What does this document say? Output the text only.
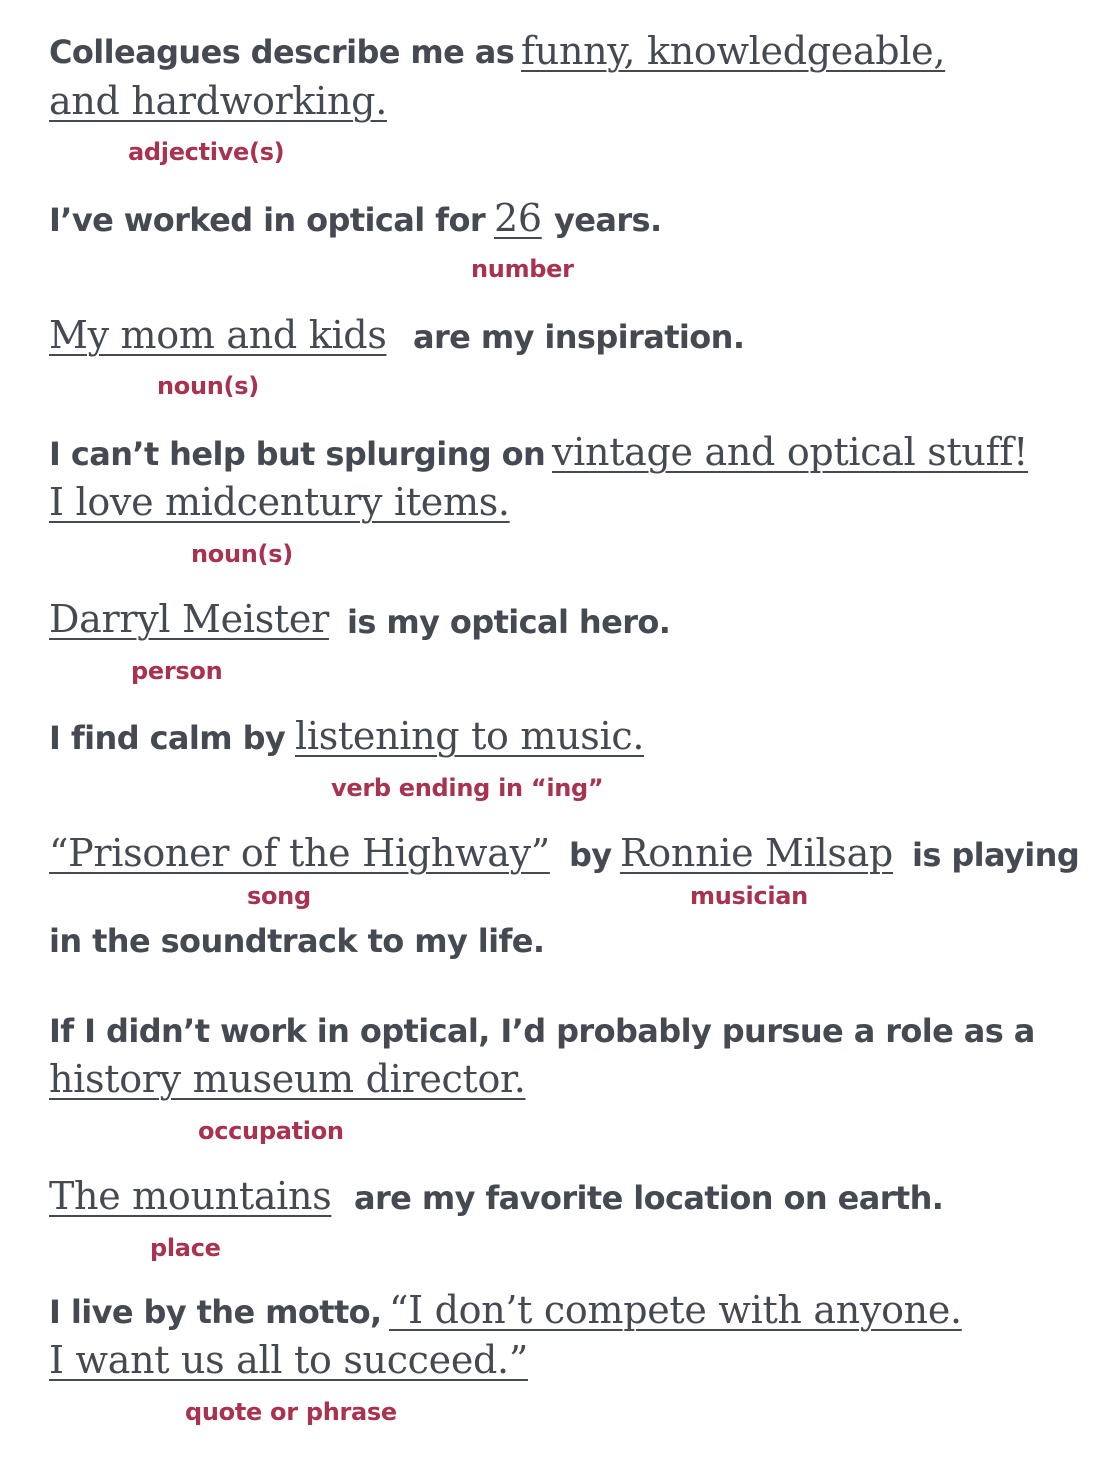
Colleagues describe me as funny, knowledgeable,
and hardworking.
adjective(s)
I’ve worked in optical for 26 years.
number
My mom and kids are my inspiration.
noun(s)
I can’t help but splurging on vintage and optical stuff!
I love midcentury items.
noun(s)
Darryl Meister is my optical hero.
person
I find calm by listening to music.
verb ending in “ing”
“Prisoner of the Highway” by Ronnie Milsap is playing
song	musician
in the soundtrack to my life.
If I didn’t work in optical, I’d probably pursue a role as a
history museum director.
occupation
The mountains are my favorite location on earth.
place
I live by the motto, “I don’t compete with anyone.
I want us all to succeed.”
quote or phrase
